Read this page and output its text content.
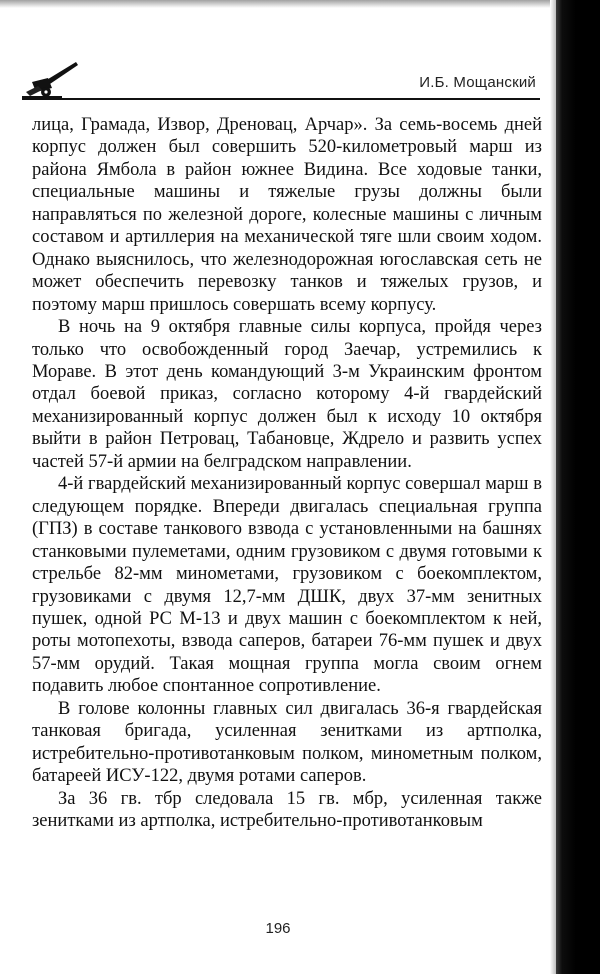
И.Б. Мощанский

лица, Грамада, Извор, Дреновац, Арчар». За семь-восемь дней корпус должен был совершить 520-километровый марш из района Ямбола в район южнее Видина. Все ходовые танки, специальные машины и тяжелые грузы должны были направляться по железной дороге, колесные машины с личным составом и артиллерия на механической тяге шли своим ходом. Однако выяснилось, что железнодорожная югославская сеть не может обеспечить перевозку танков и тяжелых грузов, и поэтому марш пришлось совершать всему корпусу.

В ночь на 9 октября главные силы корпуса, пройдя через только что освобожденный город Заечар, устремились к Мораве. В этот день командующий 3-м Украинским фронтом отдал боевой приказ, согласно которому 4-й гвардейский механизированный корпус должен был к исходу 10 октября выйти в район Петровац, Табановце, Ждрело и развить успех частей 57-й армии на белградском направлении.

4-й гвардейский механизированный корпус совершал марш в следующем порядке. Впереди двигалась специальная группа (ГПЗ) в составе танкового взвода с установленными на башнях станковыми пулеметами, одним грузовиком с двумя готовыми к стрельбе 82-мм минометами, грузовиком с боекомплектом, грузовиками с двумя 12,7-мм ДШК, двух 37-мм зенитных пушек, одной РС М-13 и двух машин с боекомплектом к ней, роты мотопехоты, взвода саперов, батареи 76-мм пушек и двух 57-мм орудий. Такая мощная группа могла своим огнем подавить любое спонтанное сопротивление.

В голове колонны главных сил двигалась 36-я гвардейская танковая бригада, усиленная зенитками из артполка, истребительно-противотанковым полком, минометным полком, батареей ИСУ-122, двумя ротами саперов.

За 36 гв. тбр следовала 15 гв. мбр, усиленная также зенитками из артполка, истребительно-противотанковым

196
